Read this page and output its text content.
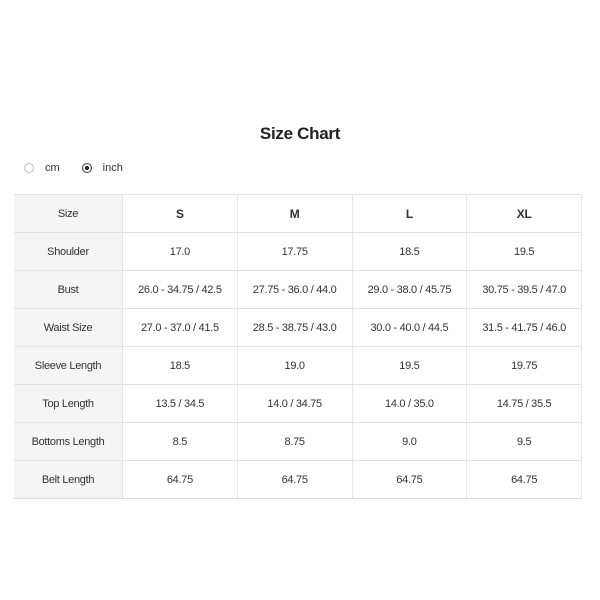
Size Chart
cm	inch
Size	S	M	L	XL
Shoulder	17.0	17.75	18.5	19.5
Bust	26.0 - 34.75 / 42.5	27.75 - 36.0 / 44.0	29.0 - 38.0 / 45.75	30.75 - 39.5 / 47.0
Waist Size	27.0 - 37.0 / 41.5	28.5 - 38.75 / 43.0	30.0 - 40.0 / 44.5	31.5 - 41.75 / 46.0
Sleeve Length	18.5	19.0	19.5	19.75
Top Length	13.5 / 34.5	14.0 / 34.75	14.0 / 35.0	14.75 / 35.5
Bottoms Length	8.5	8.75	9.0	9.5
Belt Length	64.75	64.75	64.75	64.75
